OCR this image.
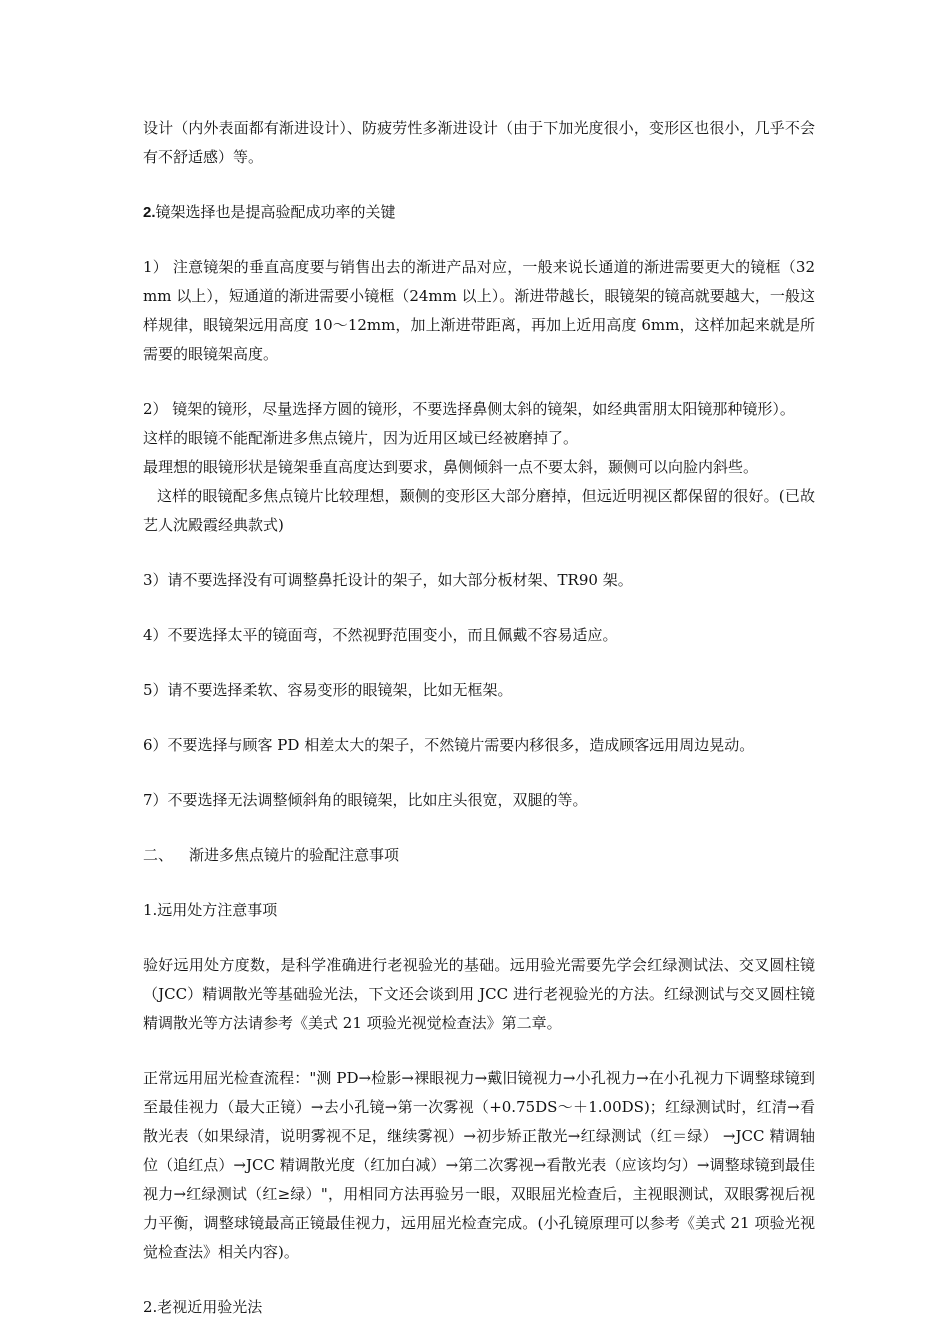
设计（内外表面都有渐进设计）、防疲劳性多渐进设计（由于下加光度很小，变形区也很小，几乎不会有不舒适感）等。

2.镜架选择也是提高验配成功率的关键

1） 注意镜架的垂直高度要与销售出去的渐进产品对应，一般来说长通道的渐进需要更大的镜框（32mm 以上），短通道的渐进需要小镜框（24mm 以上）。渐进带越长，眼镜架的镜高就要越大，一般这样规律，眼镜架远用高度 10～12mm，加上渐进带距离，再加上近用高度 6mm，这样加起来就是所需要的眼镜架高度。

2） 镜架的镜形，尽量选择方圆的镜形，不要选择鼻侧太斜的镜架，如经典雷朋太阳镜那种镜形）。

这样的眼镜不能配渐进多焦点镜片，因为近用区域已经被磨掉了。

最理想的眼镜形状是镜架垂直高度达到要求，鼻侧倾斜一点不要太斜，颞侧可以向脸内斜些。

这样的眼镜配多焦点镜片比较理想，颞侧的变形区大部分磨掉，但远近明视区都保留的很好。(已故艺人沈殿霞经典款式)

3）请不要选择没有可调整鼻托设计的架子，如大部分板材架、TR90 架。

4）不要选择太平的镜面弯，不然视野范围变小，而且佩戴不容易适应。

5）请不要选择柔软、容易变形的眼镜架，比如无框架。

6）不要选择与顾客 PD 相差太大的架子，不然镜片需要内移很多，造成顾客远用周边晃动。

7）不要选择无法调整倾斜角的眼镜架，比如庄头很宽，双腿的等。

二、 渐进多焦点镜片的验配注意事项

1.远用处方注意事项

验好远用处方度数，是科学准确进行老视验光的基础。远用验光需要先学会红绿测试法、交叉圆柱镜（JCC）精调散光等基础验光法，下文还会谈到用 JCC 进行老视验光的方法。红绿测试与交叉圆柱镜精调散光等方法请参考《美式 21 项验光视觉检查法》第二章。

正常远用屈光检查流程："测 PD→检影→裸眼视力→戴旧镜视力→小孔视力→在小孔视力下调整球镜到至最佳视力（最大正镜）→去小孔镜→第一次雾视（+0.75DS～＋1.00DS)；红绿测试时，红清→看散光表（如果绿清，说明雾视不足，继续雾视）→初步矫正散光→红绿测试（红＝绿） →JCC 精调轴位（追红点）→JCC 精调散光度（红加白减）→第二次雾视→看散光表（应该均匀）→调整球镜到最佳视力→红绿测试（红≥绿）"，用相同方法再验另一眼，双眼屈光检查后，主视眼测试，双眼雾视后视力平衡，调整球镜最高正镜最佳视力，远用屈光检查完成。(小孔镜原理可以参考《美式 21 项验光视觉检查法》相关内容)。

2.老视近用验光法
